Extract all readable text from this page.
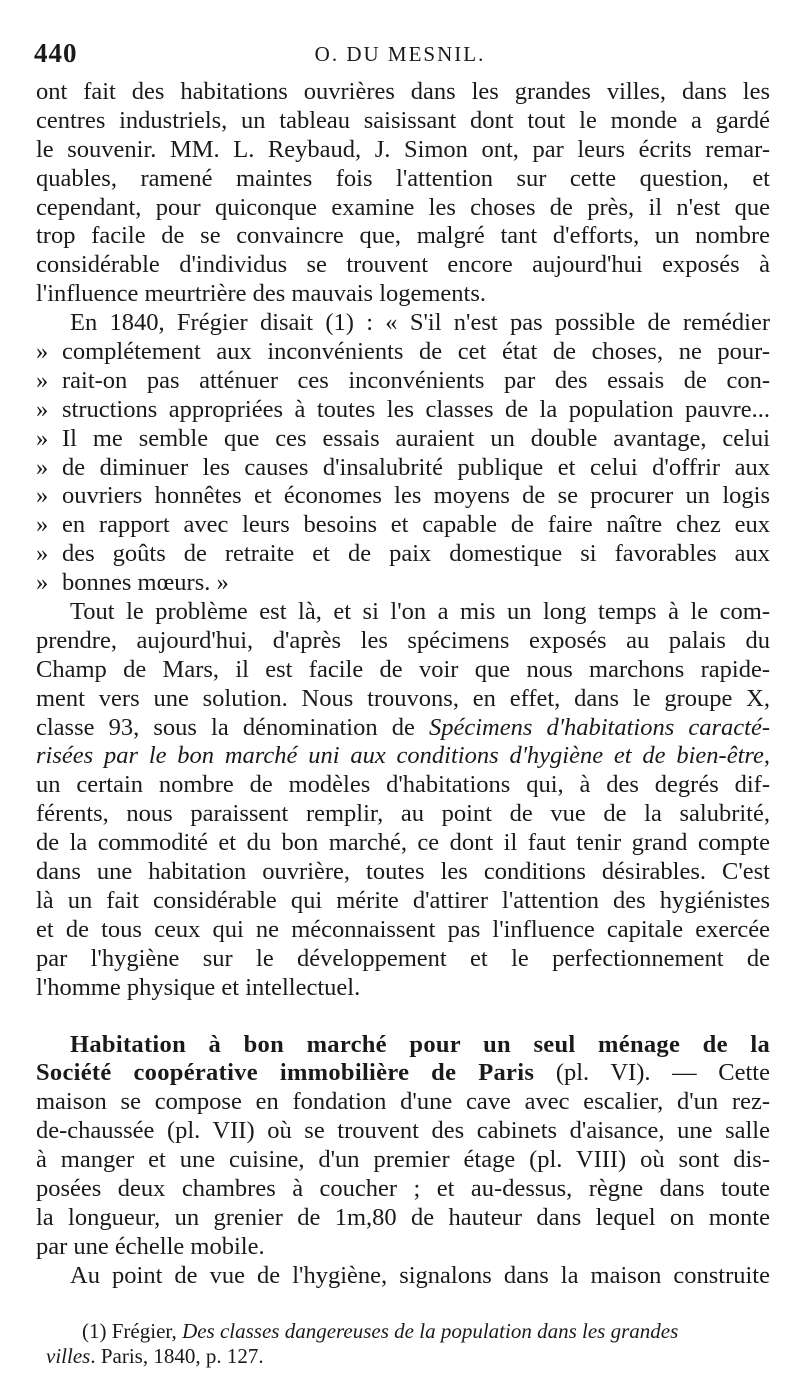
440	O. DU MESNIL.
ont fait des habitations ouvrières dans les grandes villes, dans les
centres industriels, un tableau saisissant dont tout le monde a gardé
le souvenir. MM. L. Reybaud, J. Simon ont, par leurs écrits remar-
quables, ramené maintes fois l'attention sur cette question, et
cependant, pour quiconque examine les choses de près, il n'est que
trop facile de se convaincre que, malgré tant d'efforts, un nombre
considérable d'individus se trouvent encore aujourd'hui exposés à
l'influence meurtrière des mauvais logements.
En 1840, Frégier disait (1) : « S'il n'est pas possible de remédier
» complétement aux inconvénients de cet état de choses, ne pour-
» rait-on pas atténuer ces inconvénients par des essais de con-
» structions appropriées à toutes les classes de la population pauvre...
» Il me semble que ces essais auraient un double avantage, celui
» de diminuer les causes d'insalubrité publique et celui d'offrir aux
» ouvriers honnêtes et économes les moyens de se procurer un logis
» en rapport avec leurs besoins et capable de faire naître chez eux
» des goûts de retraite et de paix domestique si favorables aux
» bonnes mœurs. »
Tout le problème est là, et si l'on a mis un long temps à le com-
prendre, aujourd'hui, d'après les spécimens exposés au palais du
Champ de Mars, il est facile de voir que nous marchons rapide-
ment vers une solution. Nous trouvons, en effet, dans le groupe X,
classe 93, sous la dénomination de Spécimens d'habitations caracté-
risées par le bon marché uni aux conditions d'hygiène et de bien-être,
un certain nombre de modèles d'habitations qui, à des degrés dif-
férents, nous paraissent remplir, au point de vue de la salubrité,
de la commodité et du bon marché, ce dont il faut tenir grand compte
dans une habitation ouvrière, toutes les conditions désirables. C'est
là un fait considérable qui mérite d'attirer l'attention des hygiénistes
et de tous ceux qui ne méconnaissent pas l'influence capitale exercée
par l'hygiène sur le développement et le perfectionnement de
l'homme physique et intellectuel.
Habitation à bon marché pour un seul ménage de la
Société coopérative immobilière de Paris (pl. VI). — Cette
maison se compose en fondation d'une cave avec escalier, d'un rez-
de-chaussée (pl. VII) où se trouvent des cabinets d'aisance, une salle
à manger et une cuisine, d'un premier étage (pl. VIII) où sont dis-
posées deux chambres à coucher ; et au-dessus, règne dans toute
la longueur, un grenier de 1m,80 de hauteur dans lequel on monte
par une échelle mobile.
Au point de vue de l'hygiène, signalons dans la maison construite
(1) Frégier, Des classes dangereuses de la population dans les grandes
villes. Paris, 1840, p. 127.
